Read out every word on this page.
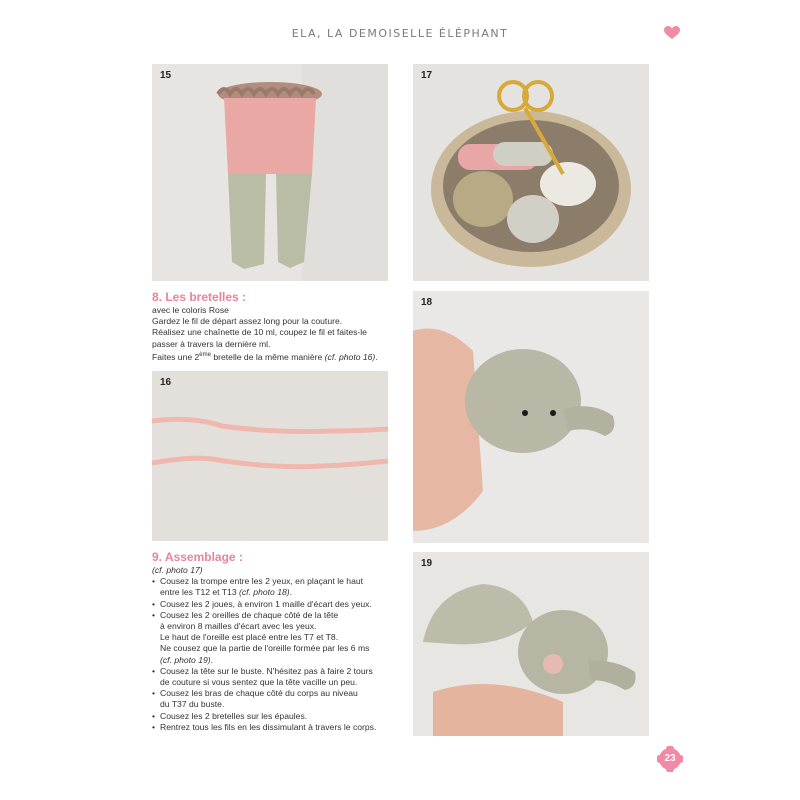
ELA, LA DEMOISELLE ÉLÉPHANT
15	17
8. Les bretelles :

avec le coloris Rose

Gardez le fil de départ assez long pour la couture.

Réalisez une chaînette de 10 ml, coupez le fil et faites-le

passer à travers la dernière ml.

Faites une 2ème bretelle de la même manière (cf. photo 16).

16
18
9. Assemblage :

(cf. photo 17)

• Cousez la trompe entre les 2 yeux, en plaçant le haut
entre les T12 et T13 (cf. photo 18).
• Cousez les 2 joues, à environ 1 maille d'écart des yeux.
• Cousez les 2 oreilles de chaque côté de la tête
à environ 8 mailles d'écart avec les yeux.
Le haut de l'oreille est placé entre les T7 et T8.
Ne cousez que la partie de l'oreille formée par les 6 ms
(cf. photo 19).
• Cousez la tête sur le buste. N'hésitez pas à faire 2 tours
de couture si vous sentez que la tête vacille un peu.
• Cousez les bras de chaque côté du corps au niveau
du T37 du buste.
• Cousez les 2 bretelles sur les épaules.
• Rentrez tous les fils en les dissimulant à travers le corps.
19
23
